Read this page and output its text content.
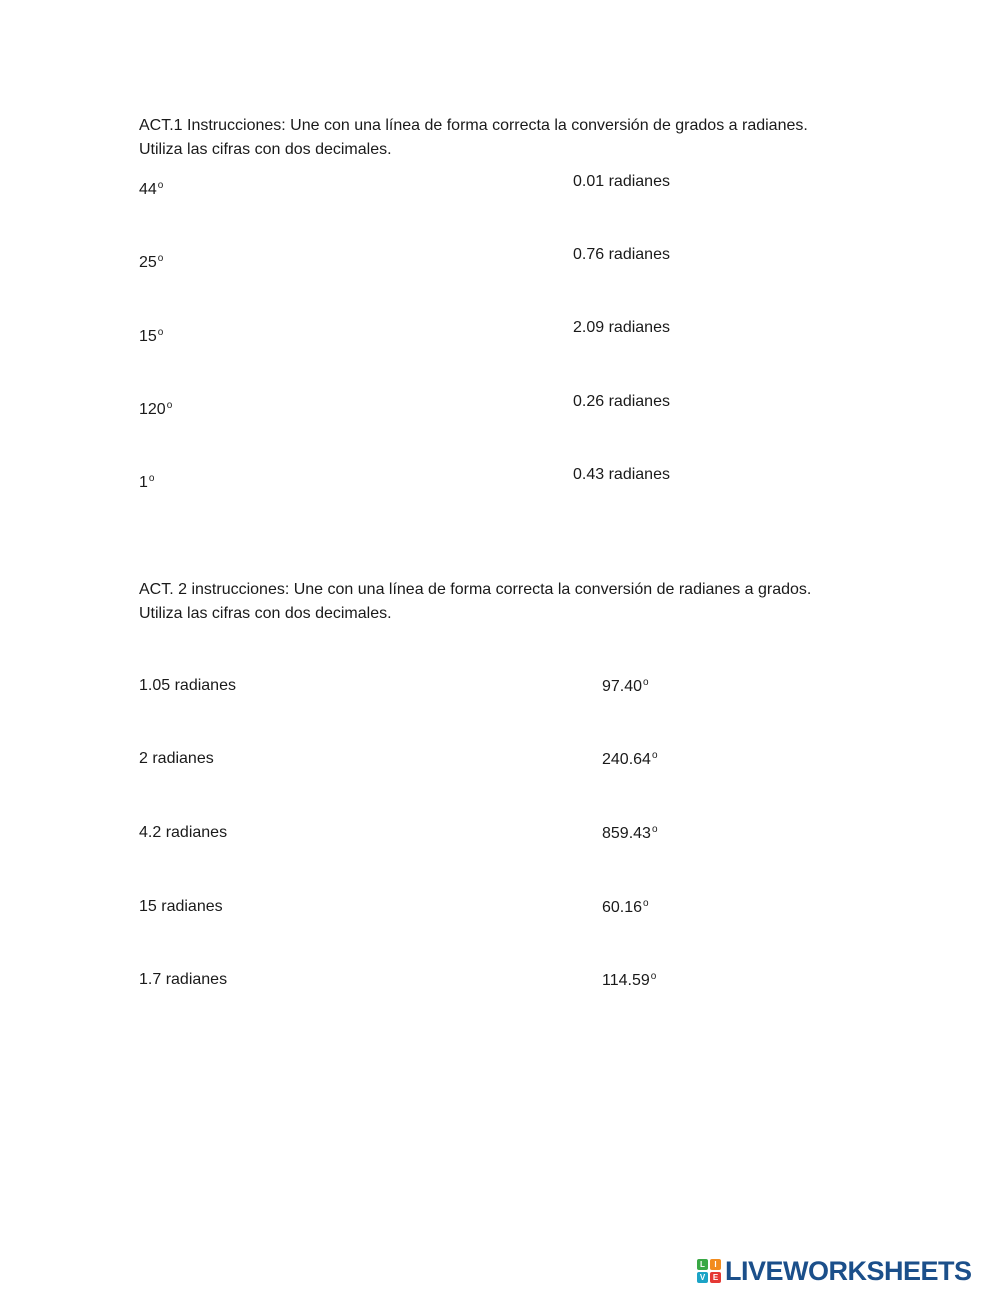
ACT.1 Instrucciones: Une con una línea de forma correcta la conversión de grados a radianes.
Utiliza las cifras con dos decimales.
44$^o$
25$^o$
15$^o$
120$^o$
1$^o$
0.01 radianes
0.76 radianes
2.09 radianes
0.26 radianes
0.43 radianes
ACT. 2 instrucciones: Une con una línea de forma correcta la conversión de radianes a grados.
Utiliza las cifras con dos decimales.
1.05 radianes
2 radianes
4.2 radianes
15 radianes
1.7 radianes
97.40$^o$
240.64$^o$
859.43$^o$
60.16$^o$
114.59$^o$
L	I
V E LIVEWORKSHEETS
